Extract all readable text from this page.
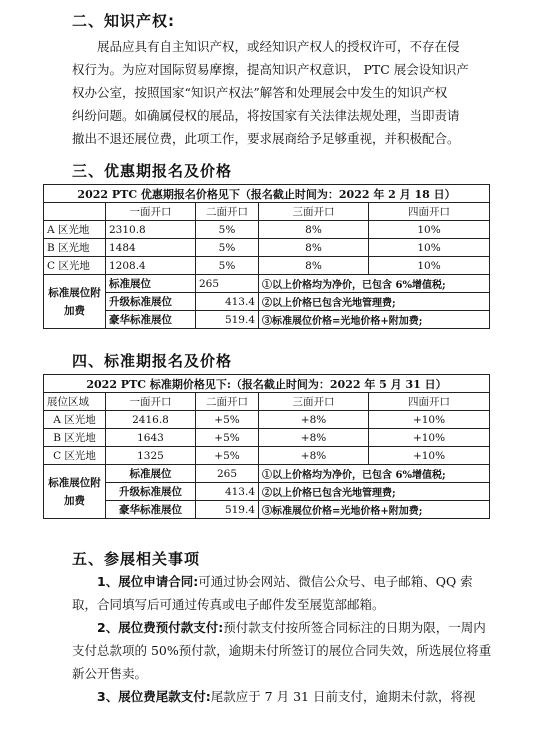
二、知识产权:

展品应具有自主知识产权，或经知识产权人的授权许可，不存在侵

权行为。为应对国际贸易摩擦，提高知识产权意识， PTC 展会设知识产
权办公室，按照国家“知识产权法”解答和处理展会中发生的知识产权
纠纷问题。如确属侵权的展品，将按国家有关法律法规处理，当即责请
撤出不退还展位费，此项工作，要求展商给予足够重视，并积极配合。
三、优惠期报名及价格
2022 PTC 优惠期报名价格见下（报名截止时间为：2022 年 2 月 18 日）				
	一面开口	二面开口	三面开口	四面开口
A 区光地	2310.8	5%	8%	10%
B 区光地	1484	5%	8%	10%
C 区光地	1208.4	5%	8%	10%
标准展位附加费	标准展位	265	①以上价格均为净价，已包含 6%增值税;	
	升级标准展位	413.4	②以上价格已包含光地管理费;	
	豪华标准展位	519.4	③标准展位价格=光地价格+附加费;	
四、标准期报名及价格
2022 PTC 标准期价格见下:（报名截止时间为：2022 年 5 月 31 日）				
展位区域	一面开口	二面开口	三面开口	四面开口
A 区光地	2416.8	+5%	+8%	+10%
B 区光地	1643	+5%	+8%	+10%
C 区光地	1325	+5%	+8%	+10%
标准展位附加费	标准展位	265	①以上价格均为净价，已包含 6%增值税;	
	升级标准展位	413.4	②以上价格已包含光地管理费;	
	豪华标准展位	519.4	③标准展位价格=光地价格+附加费;	
五、参展相关事项

1、展位申请合同:可通过协会网站、微信公众号、电子邮箱、QQ 索取，合同填写后可通过传真或电子邮件发至展览部邮箱。

2、展位费预付款支付:预付款支付按所签合同标注的日期为限，一周内支付总款项的 50%预付款，逾期未付所签订的展位合同失效，所选展位将重新公开售卖。

3、展位费尾款支付:尾款应于 7 月 31 日前支付，逾期未付款，将视
